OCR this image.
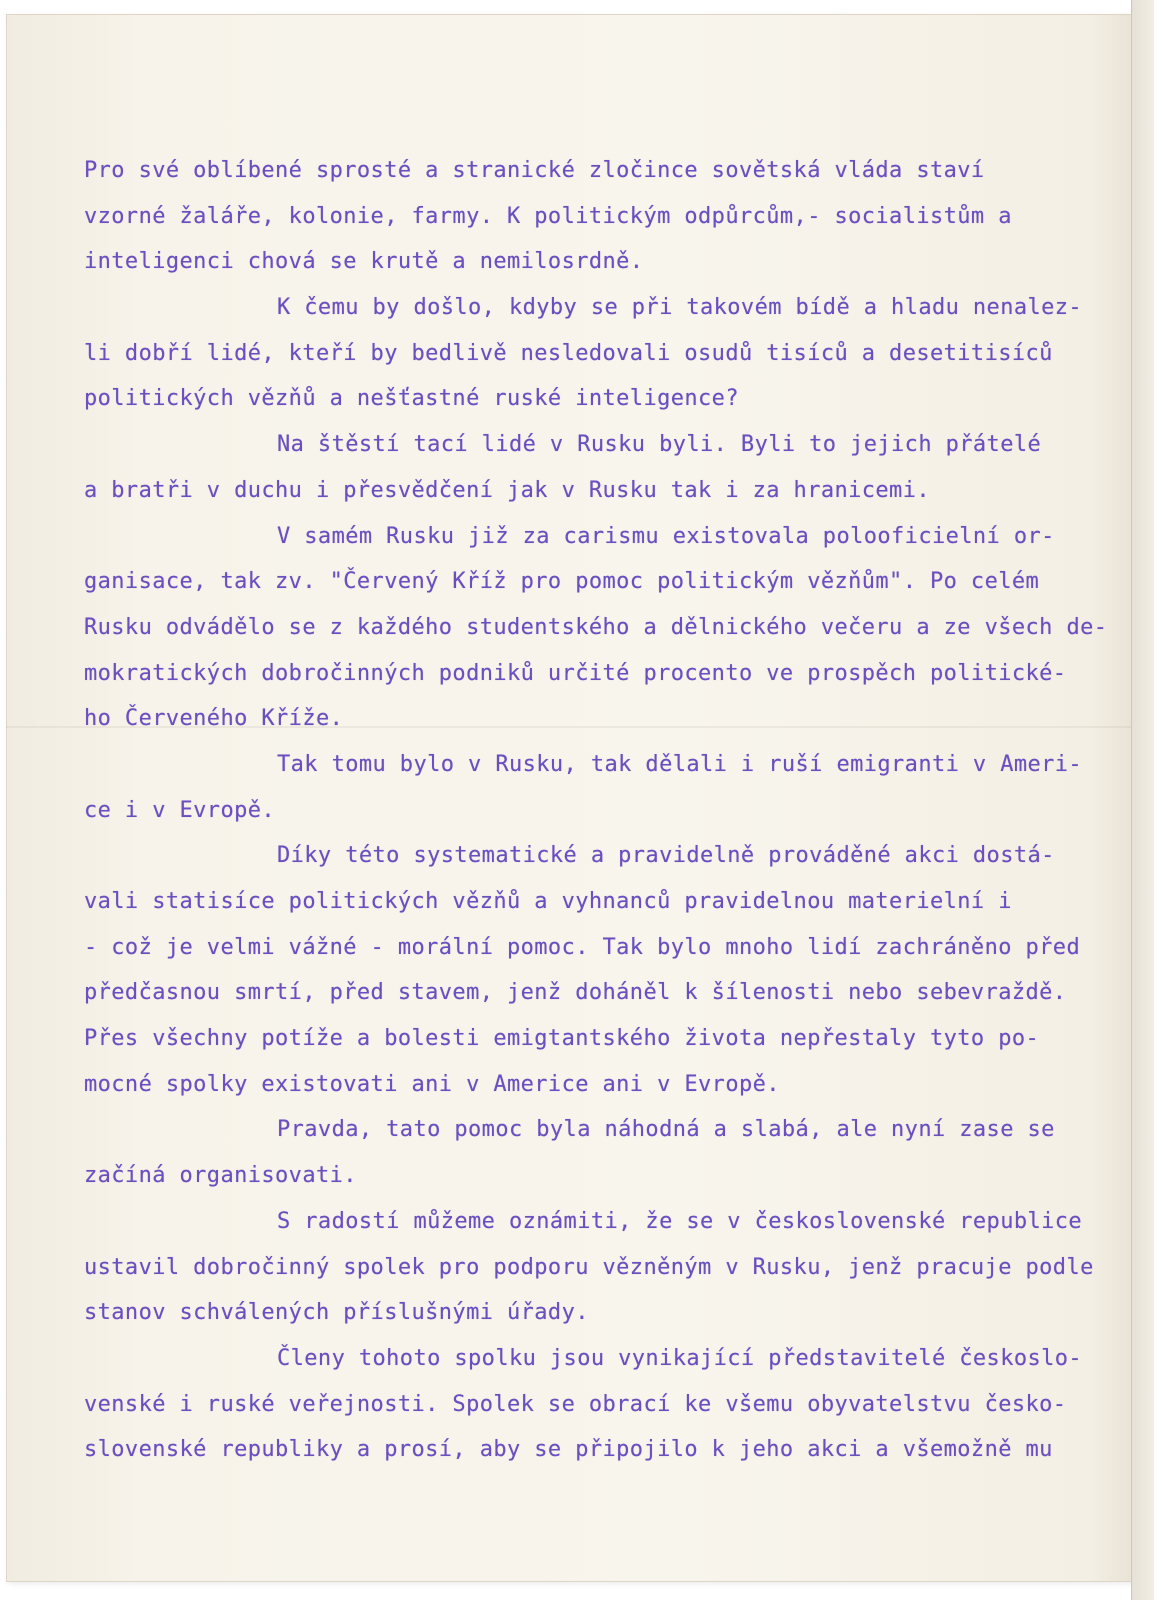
Pro své oblíbené sprosté a stranické zločince sovětská vláda staví
vzorné žaláře, kolonie, farmy. K politickým odpůrcům,- socialistům a
inteligenci chová se krutě a nemilosrdně.
K čemu by došlo, kdyby se při takovém bídě a hladu nenalez-
li dobří lidé, kteří by bedlivě nesledovali osudů tisíců a desetitisíců
politických vězňů a nešťastné ruské inteligence?
Na štěstí tací lidé v Rusku byli. Byli to jejich přátelé
a bratři v duchu i přesvědčení jak v Rusku tak i za hranicemi.
V samém Rusku již za carismu existovala polooficielní or-
ganisace, tak zv. "Červený Kříž pro pomoc politickým vězňům". Po celém
Rusku odvádělo se z každého studentského a dělnického večeru a ze všech de-
mokratických dobročinných podniků určité procento ve prospěch politické-
ho Červeného Kříže.
Tak tomu bylo v Rusku, tak dělali i ruší emigranti v Ameri-
ce i v Evropě.
Díky této systematické a pravidelně prováděné akci dostá-
vali statisíce politických vězňů a vyhnanců pravidelnou materielní i
- což je velmi vážné - morální pomoc. Tak bylo mnoho lidí zachráněno před
předčasnou smrtí, před stavem, jenž doháněl k šílenosti nebo sebevraždě.
Přes všechny potíže a bolesti emigtantského života nepřestaly tyto po-
mocné spolky existovati ani v Americe ani v Evropě.
Pravda, tato pomoc byla náhodná a slabá, ale nyní zase se
začíná organisovati.
S radostí můžeme oznámiti, že se v československé republice
ustavil dobročinný spolek pro podporu vězněným v Rusku, jenž pracuje podle
stanov schválených příslušnými úřady.
Členy tohoto spolku jsou vynikající představitelé českoslo-
venské i ruské veřejnosti. Spolek se obrací ke všemu obyvatelstvu česko-
slovenské republiky a prosí, aby se připojilo k jeho akci a všemožně mu
